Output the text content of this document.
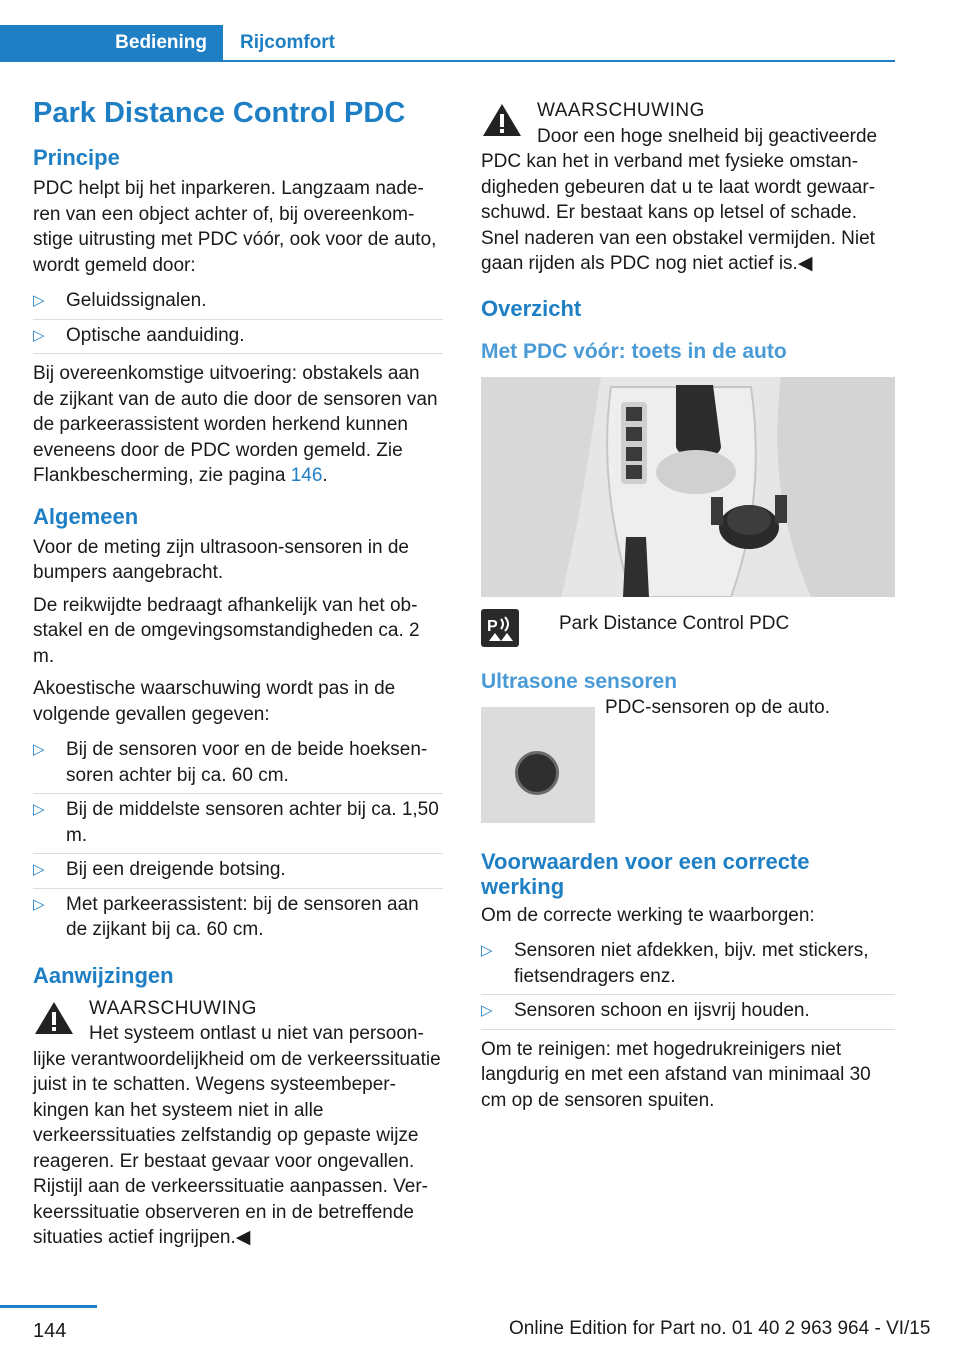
Bediening Rijcomfort
Park Distance Control PDC
Principe

PDC helpt bij het inparkeren. Langzaam naderen van een object achter of, bij overeenkomstige uitrusting met PDC vóór, ook voor de auto, wordt gemeld door:

▷ Geluidssignalen.
▷ Optische aanduiding.

Bij overeenkomstige uitvoering: obstakels aan de zijkant van de auto die door de sensoren van de parkeerassistent worden herkend kunnen eveneens door de PDC worden gemeld. Zie Flankbescherming, zie pagina 146.

Algemeen

Voor de meting zijn ultrasoon-sensoren in de bumpers aangebracht.

De reikwijdte bedraagt afhankelijk van het obstakel en de omgevingsomstandigheden ca. 2 m.

Akoestische waarschuwing wordt pas in de volgende gevallen gegeven:

▷ Bij de sensoren voor en de beide hoeksensoren achter bij ca. 60 cm.
▷ Bij de middelste sensoren achter bij ca. 1,50 m.
▷ Bij een dreigende botsing.
▷ Met parkeerassistent: bij de sensoren aan de zijkant bij ca. 60 cm.
Aanwijzingen
WAARSCHUWING
Het systeem ontlast u niet van persoonlijke verantwoordelijkheid om de verkeerssituatie juist in te schatten. Wegens systeembeperkingen kan het systeem niet in alle verkeerssituaties zelfstandig op gepaste wijze reageren. Er bestaat gevaar voor ongevallen. Rijstijl aan de verkeerssituatie aanpassen. Verkeerssituatie observeren en in de betreffende situaties actief ingrijpen.◀
WAARSCHUWING
Door een hoge snelheid bij geactiveerde PDC kan het in verband met fysieke omstandigheden gebeuren dat u te laat wordt gewaarschuwd. Er bestaat kans op letsel of schade. Snel naderen van een obstakel vermijden. Niet gaan rijden als PDC nog niet actief is.◀
Overzicht
Met PDC vóór: toets in de auto
P	Park Distance Control PDC
Ultrasone sensoren
PDC-sensoren op de auto.
Voorwaarden voor een correcte werking

Om de correcte werking te waarborgen:

▷ Sensoren niet afdekken, bijv. met stickers, fietsendragers enz.
▷ Sensoren schoon en ijsvrij houden.

Om te reinigen: met hogedrukreinigers niet langdurig en met een afstand van minimaal 30 cm op de sensoren spuiten.

144	Online Edition for Part no. 01 40 2 963 964 - VI/15
